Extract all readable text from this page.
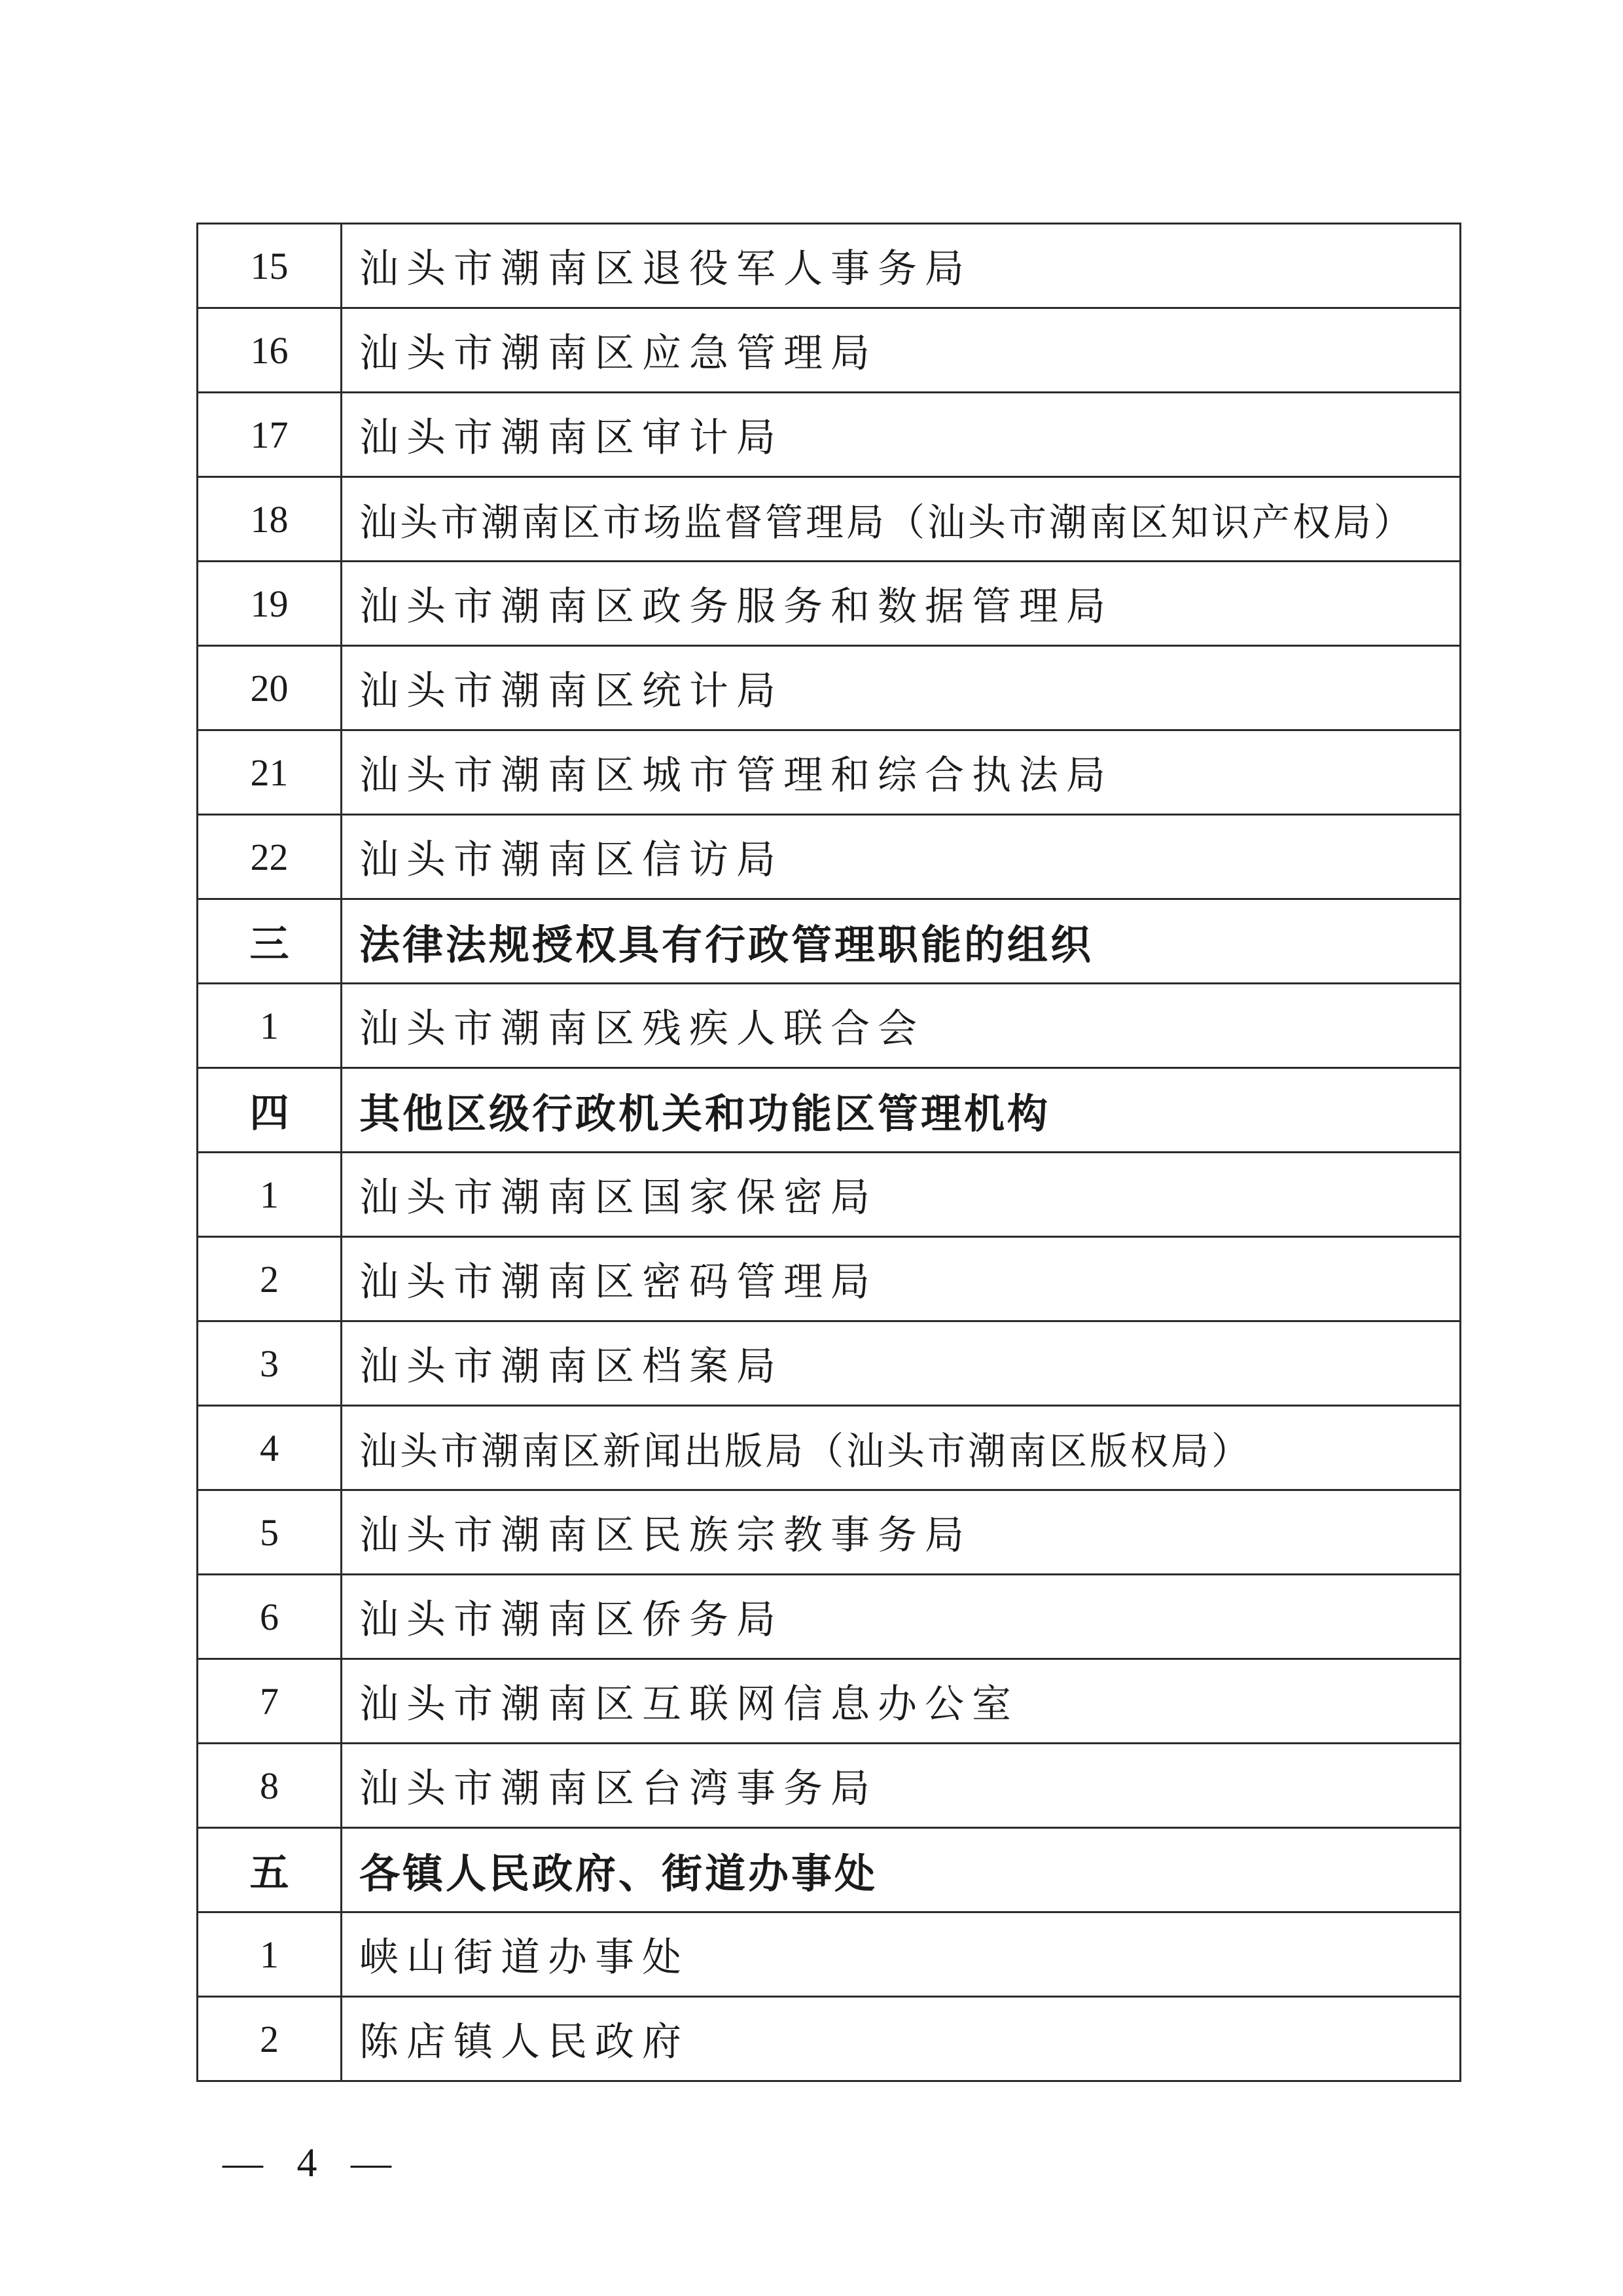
15	汕头市潮南区退役军人事务局
16	汕头市潮南区应急管理局
17	汕头市潮南区审计局
18	汕头市潮南区市场监督管理局（汕头市潮南区知识产权局）
19	汕头市潮南区政务服务和数据管理局
20	汕头市潮南区统计局
21	汕头市潮南区城市管理和综合执法局
22	汕头市潮南区信访局
三	法律法规授权具有行政管理职能的组织
1	汕头市潮南区残疾人联合会
四	其他区级行政机关和功能区管理机构
1	汕头市潮南区国家保密局
2	汕头市潮南区密码管理局
3	汕头市潮南区档案局
4	汕头市潮南区新闻出版局（汕头市潮南区版权局）
5	汕头市潮南区民族宗教事务局
6	汕头市潮南区侨务局
7	汕头市潮南区互联网信息办公室
8	汕头市潮南区台湾事务局
五	各镇人民政府、街道办事处
1	峡山街道办事处
2	陈店镇人民政府
— 4 —
